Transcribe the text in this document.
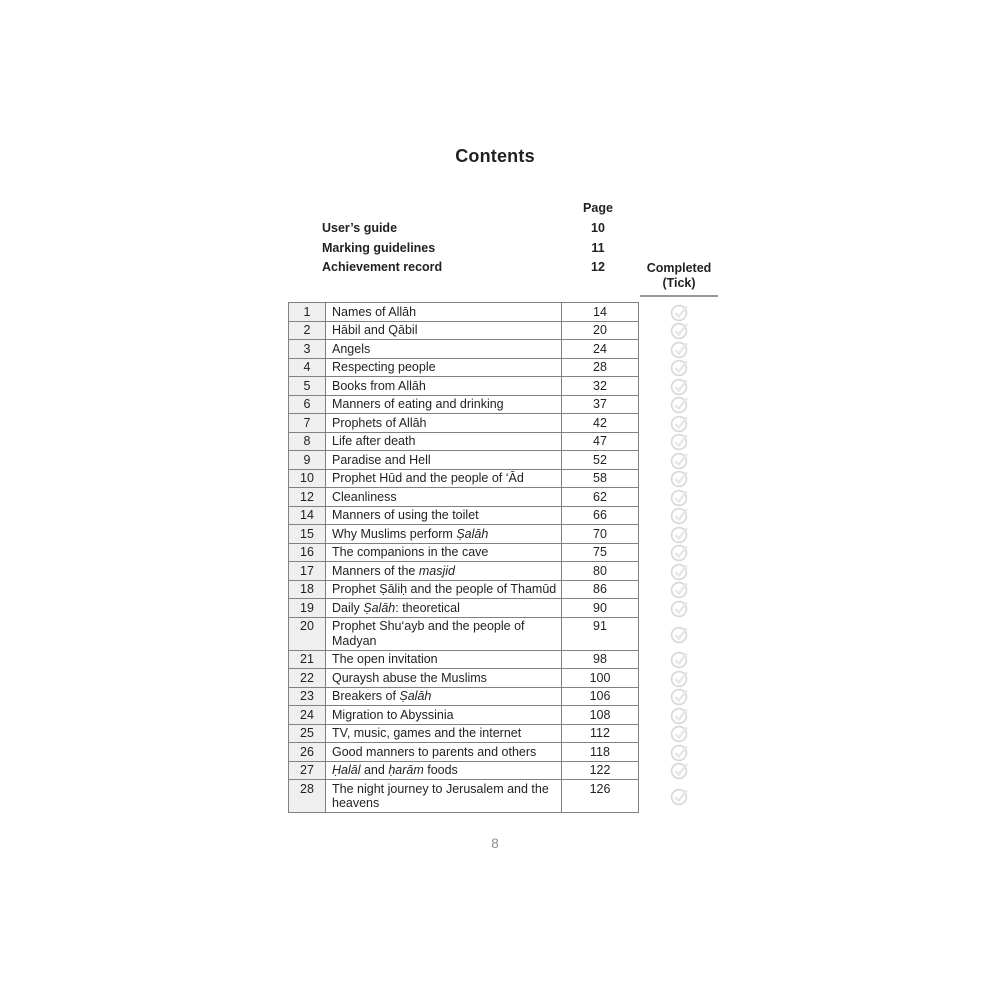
Contents
Page
User’s guide	10
Marking guidelines	11
Achievement record	12	Completed
(Tick)
1	Names of Allāh	14	

2	Hābil and Qābil	20	

3	Angels	24	

4	Respecting people	28	

5	Books from Allāh	32	

6	Manners of eating and drinking	37	

7	Prophets of Allāh	42	

8	Life after death	47	

9	Paradise and Hell	52	

10	Prophet Hūd and the people of ‘Ād	58	

12	Cleanliness	62	

14	Manners of using the toilet	66	

15	Why Muslims perform Ṣalāh	70	

16	The companions in the cave	75	

17	Manners of the masjid	80	

18	Prophet Ṣāliḥ and the people of Thamūd	86	

19	Daily Ṣalāh: theoretical	90	

20	Prophet Shu‘ayb and the people of Madyan	91	

21	The open invitation	98	

22	Quraysh abuse the Muslims	100	

23	Breakers of Ṣalāh	106	

24	Migration to Abyssinia	108	

25	TV, music, games and the internet	112	

26	Good manners to parents and others	118	

27	Ḥalāl and ḥarām foods	122	

28	The night journey to Jerusalem and the heavens	126	
8
